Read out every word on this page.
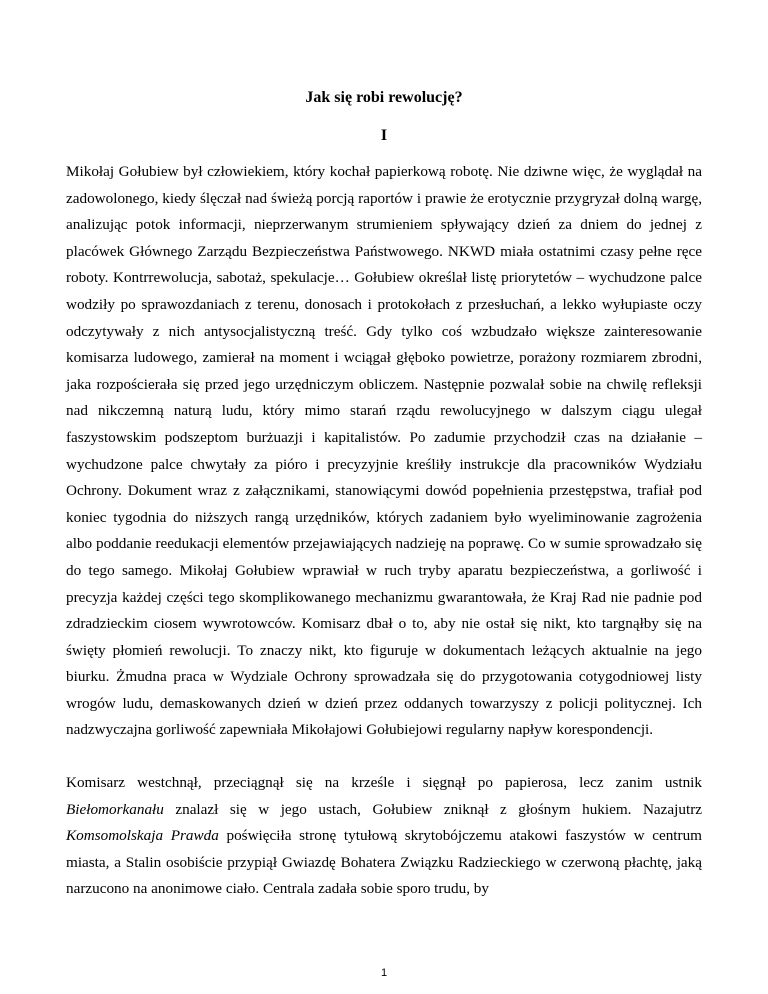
Jak się robi rewolucję?
I

Mikołaj Gołubiew był człowiekiem, który kochał papierkową robotę. Nie dziwne więc, że wyglądał na zadowolonego, kiedy ślęczał nad świeżą porcją raportów i prawie że erotycznie przygryzał dolną wargę, analizując potok informacji, nieprzerwanym strumieniem spływający dzień za dniem do jednej z placówek Głównego Zarządu Bezpieczeństwa Państwowego. NKWD miała ostatnimi czasy pełne ręce roboty. Kontrrewolucja, sabotaż, spekulacje… Gołubiew określał listę priorytetów – wychudzone palce wodziły po sprawozdaniach z terenu, donosach i protokołach z przesłuchań, a lekko wyłupiaste oczy odczytywały z nich antysocjalistyczną treść. Gdy tylko coś wzbudzało większe zainteresowanie komisarza ludowego, zamierał na moment i wciągał głęboko powietrze, porażony rozmiarem zbrodni, jaka rozpościerała się przed jego urzędniczym obliczem. Następnie pozwalał sobie na chwilę refleksji nad nikczemną naturą ludu, który mimo starań rządu rewolucyjnego w dalszym ciągu ulegał faszystowskim podszeptom burżuazji i kapitalistów. Po zadumie przychodził czas na działanie – wychudzone palce chwytały za pióro i precyzyjnie kreśliły instrukcje dla pracowników Wydziału Ochrony. Dokument wraz z załącznikami, stanowiącymi dowód popełnienia przestępstwa, trafiał pod koniec tygodnia do niższych rangą urzędników, których zadaniem było wyeliminowanie zagrożenia albo poddanie reedukacji elementów przejawiających nadzieję na poprawę. Co w sumie sprowadzało się do tego samego. Mikołaj Gołubiew wprawiał w ruch tryby aparatu bezpieczeństwa, a gorliwość i precyzja każdej części tego skomplikowanego mechanizmu gwarantowała, że Kraj Rad nie padnie pod zdradzieckim ciosem wywrotowców. Komisarz dbał o to, aby nie ostał się nikt, kto targnąłby się na święty płomień rewolucji. To znaczy nikt, kto figuruje w dokumentach leżących aktualnie na jego biurku. Żmudna praca w Wydziale Ochrony sprowadzała się do przygotowania cotygodniowej listy wrogów ludu, demaskowanych dzień w dzień przez oddanych towarzyszy z policji politycznej. Ich nadzwyczajna gorliwość zapewniała Mikołajowi Gołubiejowi regularny napływ korespondencji.

Komisarz westchnął, przeciągnął się na krześle i sięgnął po papierosa, lecz zanim ustnik Biełomorkanału znalazł się w jego ustach, Gołubiew zniknął z głośnym hukiem. Nazajutrz Komsomolskaja Prawda poświęciła stronę tytułową skrytobójczemu atakowi faszystów w centrum miasta, a Stalin osobiście przypiął Gwiazdę Bohatera Związku Radzieckiego w czerwoną płachtę, jaką narzucono na anonimowe ciało. Centrala zadała sobie sporo trudu, by

1
